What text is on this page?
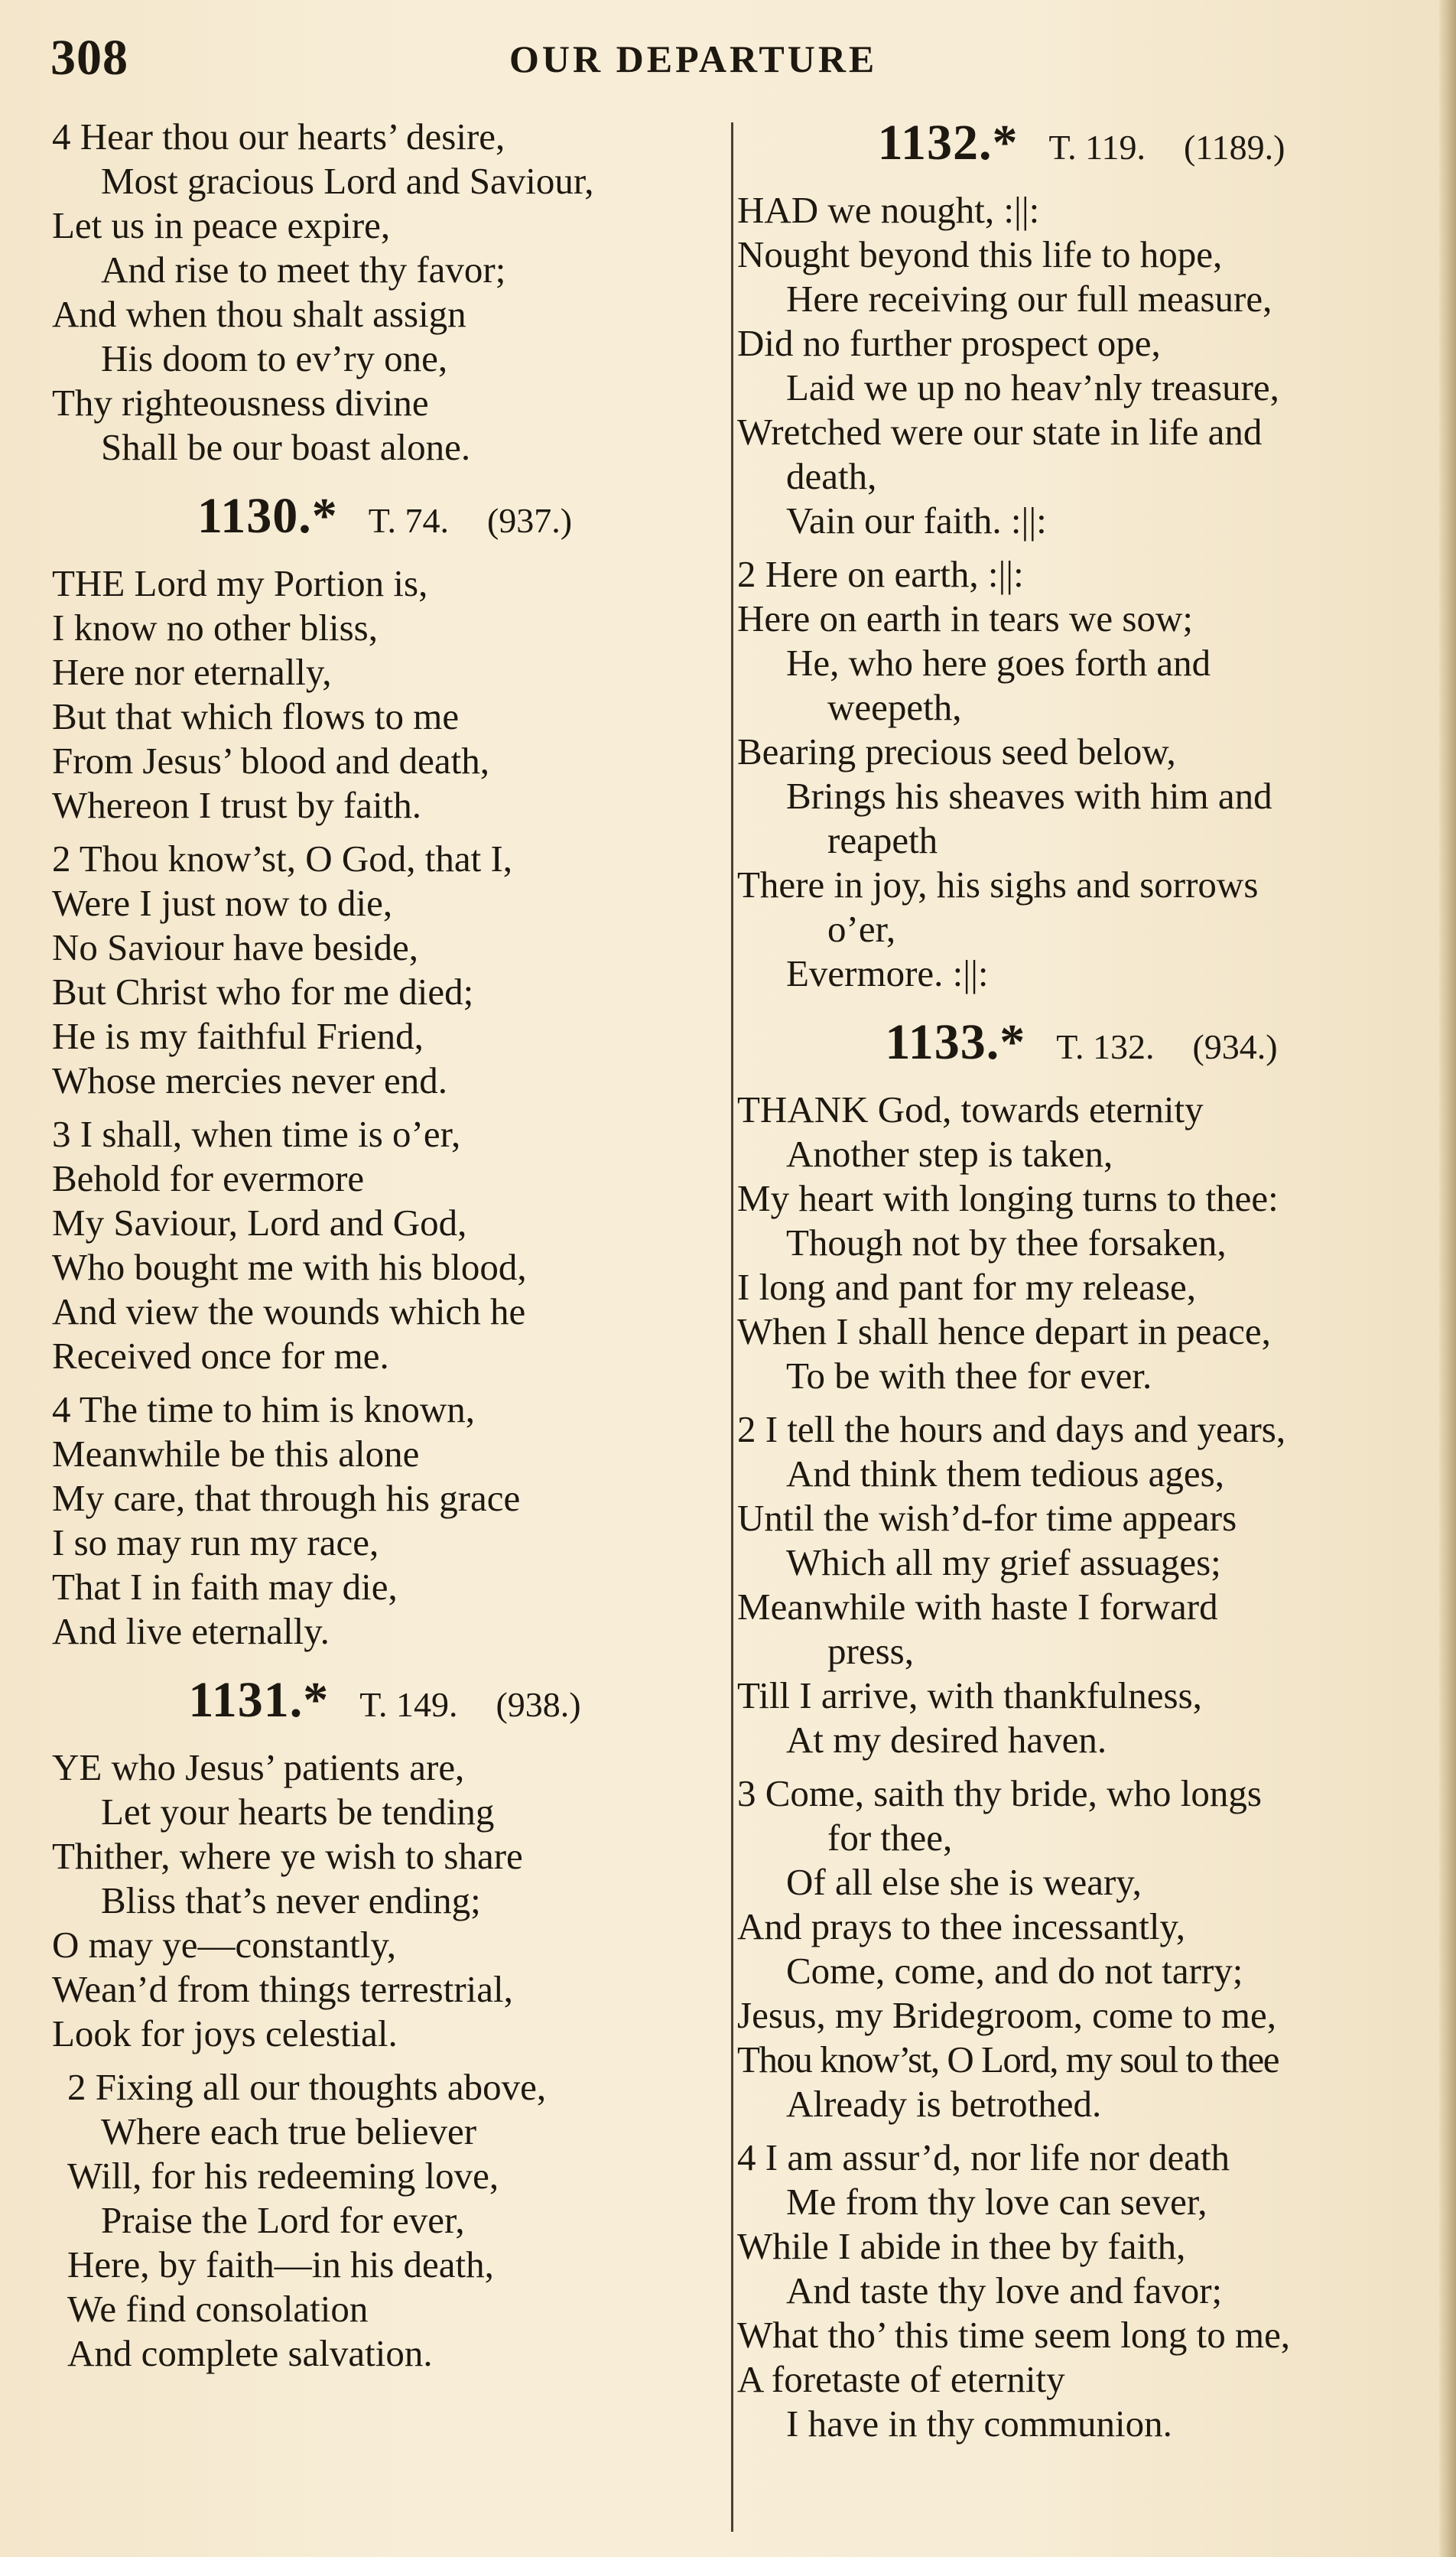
308	OUR DEPARTURE
4 Hear thou our hearts’ desire,
Most gracious Lord and Saviour,
Let us in peace expire,
And rise to meet thy favor;
And when thou shalt assign
His doom to ev’ry one,
Thy righteousness divine
Shall be our boast alone.
1130.* T. 74. (937.)
THE Lord my Portion is,
I know no other bliss,
Here nor eternally,
But that which flows to me
From Jesus’ blood and death,
Whereon I trust by faith.
2 Thou know’st, O God, that I,
Were I just now to die,
No Saviour have beside,
But Christ who for me died;
He is my faithful Friend,
Whose mercies never end.
3 I shall, when time is o’er,
Behold for evermore
My Saviour, Lord and God,
Who bought me with his blood,
And view the wounds which he
Received once for me.
4 The time to him is known,
Meanwhile be this alone
My care, that through his grace
I so may run my race,
That I in faith may die,
And live eternally.
1131.* T. 149. (938.)
YE who Jesus’ patients are,
Let your hearts be tending
Thither, where ye wish to share
Bliss that’s never ending;
O may ye—constantly,
Wean’d from things terrestrial,
Look for joys celestial.
2 Fixing all our thoughts above,
Where each true believer
Will, for his redeeming love,
Praise the Lord for ever,
Here, by faith—in his death,
We find consolation
And complete salvation.
1132.* T. 119. (1189.)
HAD we nought, :||:
Nought beyond this life to hope,
Here receiving our full measure,
Did no further prospect ope,
Laid we up no heav’nly treasure,
Wretched were our state in life and
death,
Vain our faith. :||:
2 Here on earth, :||:
Here on earth in tears we sow;
He, who here goes forth and
weepeth,
Bearing precious seed below,
Brings his sheaves with him and
reapeth
There in joy, his sighs and sorrows
o’er,
Evermore. :||:
1133.* T. 132. (934.)
THANK God, towards eternity
Another step is taken,
My heart with longing turns to thee:
Though not by thee forsaken,
I long and pant for my release,
When I shall hence depart in peace,
To be with thee for ever.
2 I tell the hours and days and years,
And think them tedious ages,
Until the wish’d-for time appears
Which all my grief assuages;
Meanwhile with haste I forward
press,
Till I arrive, with thankfulness,
At my desired haven.
3 Come, saith thy bride, who longs
for thee,
Of all else she is weary,
And prays to thee incessantly,
Come, come, and do not tarry;
Jesus, my Bridegroom, come to me,
Thou know’st, O Lord, my soul to thee
Already is betrothed.
4 I am assur’d, nor life nor death
Me from thy love can sever,
While I abide in thee by faith,
And taste thy love and favor;
What tho’ this time seem long to me,
A foretaste of eternity
I have in thy communion.
